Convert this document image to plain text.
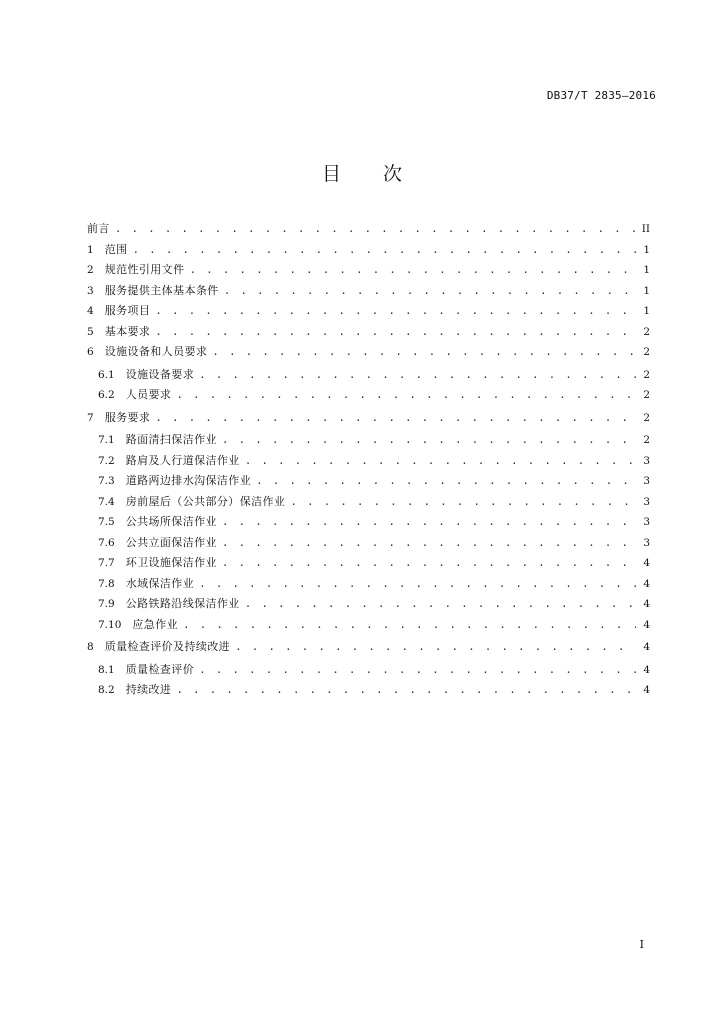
DB37/T 2835—2016
目 次
前言 . . .	II
1 范围 . . .	1
2 规范性引用文件 . . .	1
3 服务提供主体基本条件 . . .	1
4 服务项目 . . .	1
5 基本要求 . . .	2
6 设施设备和人员要求 . . .	2
6.1 设施设备要求 . . .	2
6.2 人员要求 . . .	2
7 服务要求 . . .	2
7.1 路面清扫保洁作业 . . .	2
7.2 路肩及人行道保洁作业 . . .	3
7.3 道路两边排水沟保洁作业 . . .	3
7.4 房前屋后（公共部分）保洁作业 . . .	3
7.5 公共场所保洁作业 . . .	3
7.6 公共立面保洁作业 . . .	3
7.7 环卫设施保洁作业 . . .	4
7.8 水域保洁作业 . . .	4
7.9 公路铁路沿线保洁作业 . . .	4
7.10 应急作业 . . .	4
8 质量检查评价及持续改进 . . .	4
8.1 质量检查评价 . . .	4
8.2 持续改进 . . .	4
I
